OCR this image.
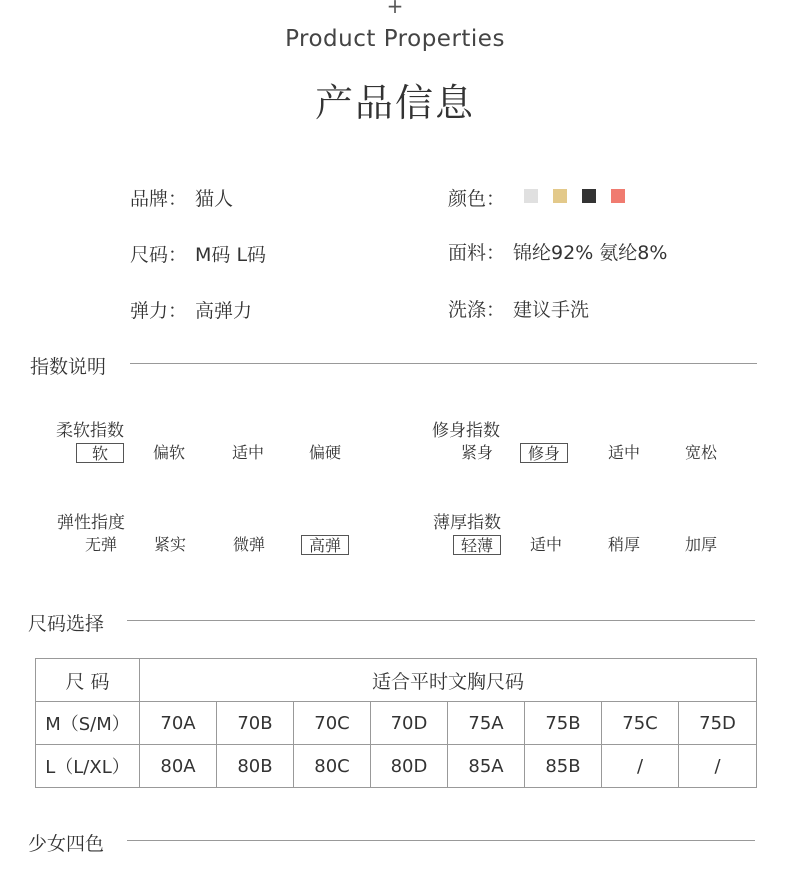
+
Product Properties
产品信息
品牌： 猫人	颜色：
尺码： M码 L码	面料： 锦纶92% 氨纶8%
弹力： 高弹力	洗涤： 建议手洗
指数说明
柔软指数
软	偏软	适中	偏硬
修身指数
紧身	修身	适中	宽松
弹性指度
无弹	紧实	微弹	高弹
薄厚指数
轻薄	适中	稍厚	加厚
尺码选择
尺 码	适合平时文胸尺码							
M（S/M）	70A	70B	70C	70D	75A	75B	75C	75D
L（L/XL）	80A	80B	80C	80D	85A	85B	/	/
少女四色
